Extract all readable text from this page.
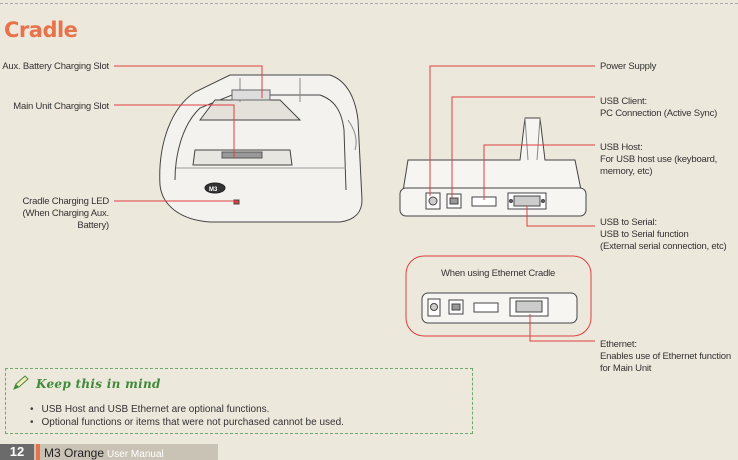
Cradle
Aux. Battery Charging Slot
Main Unit Charging Slot
Cradle Charging LED
(When Charging Aux.
Battery)
Power Supply
USB Client:
PC Connection (Active Sync)
USB Host:
For USB host use (keyboard,
memory, etc)
USB to Serial:
USB to Serial function
(External serial connection, etc)
When using Ethernet Cradle
Ethernet:
Enables use of Ethernet function
for Main Unit
M3
Keep this in mind
• USB Host and USB Ethernet are optional functions.
• Optional functions or items that were not purchased cannot be used.
12	M3 Orange User Manual
